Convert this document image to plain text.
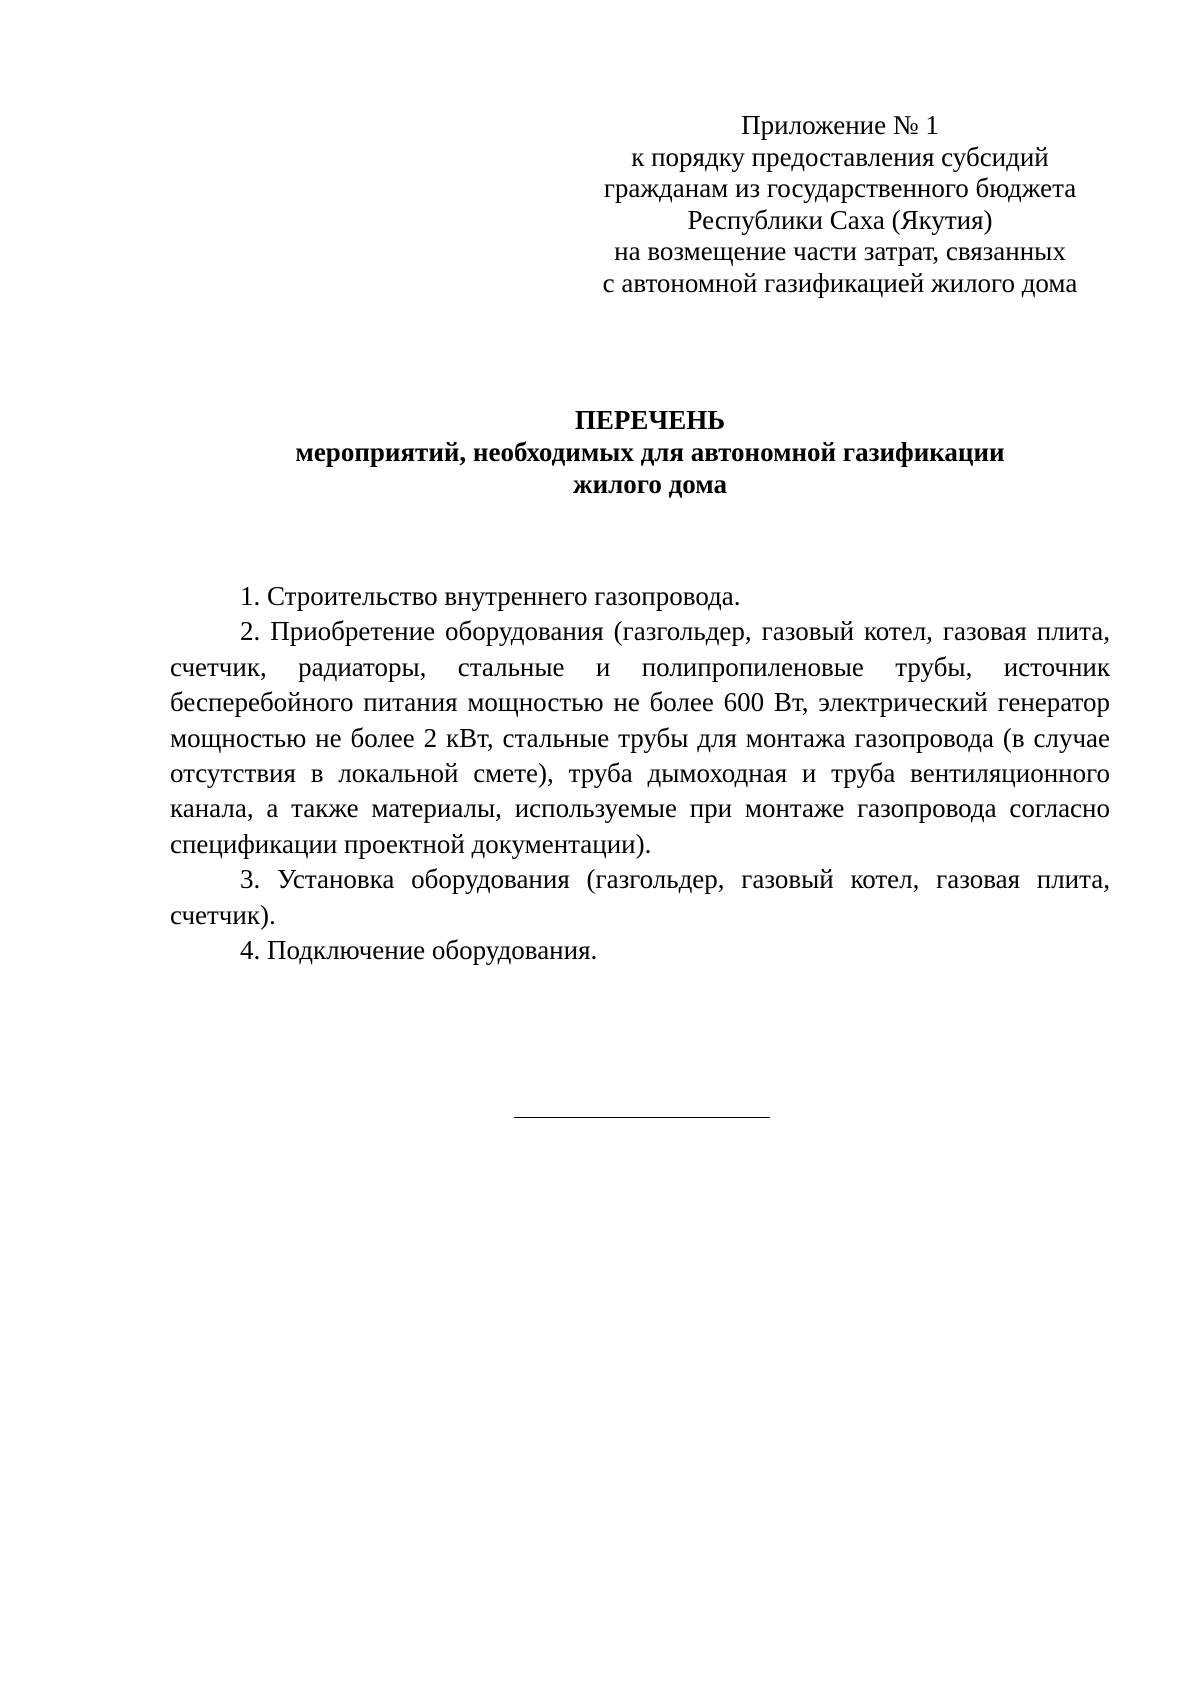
Приложение № 1
к порядку предоставления субсидий
гражданам из государственного бюджета
Республики Саха (Якутия)
на возмещение части затрат, связанных
с автономной газификацией жилого дома
ПЕРЕЧЕНЬ
мероприятий, необходимых для автономной газификации
жилого дома

1. Строительство внутреннего газопровода.

2. Приобретение оборудования (газгольдер, газовый котел, газовая плита, счетчик, радиаторы, стальные и полипропиленовые трубы, источник бесперебойного питания мощностью не более 600 Вт, электрический генератор мощностью не более 2 кВт, стальные трубы для монтажа газопровода (в случае отсутствия в локальной смете), труба дымоходная и труба вентиляционного канала, а также материалы, используемые при монтаже газопровода согласно спецификации проектной документации).

3. Установка оборудования (газгольдер, газовый котел, газовая плита, счетчик).

4. Подключение оборудования.
